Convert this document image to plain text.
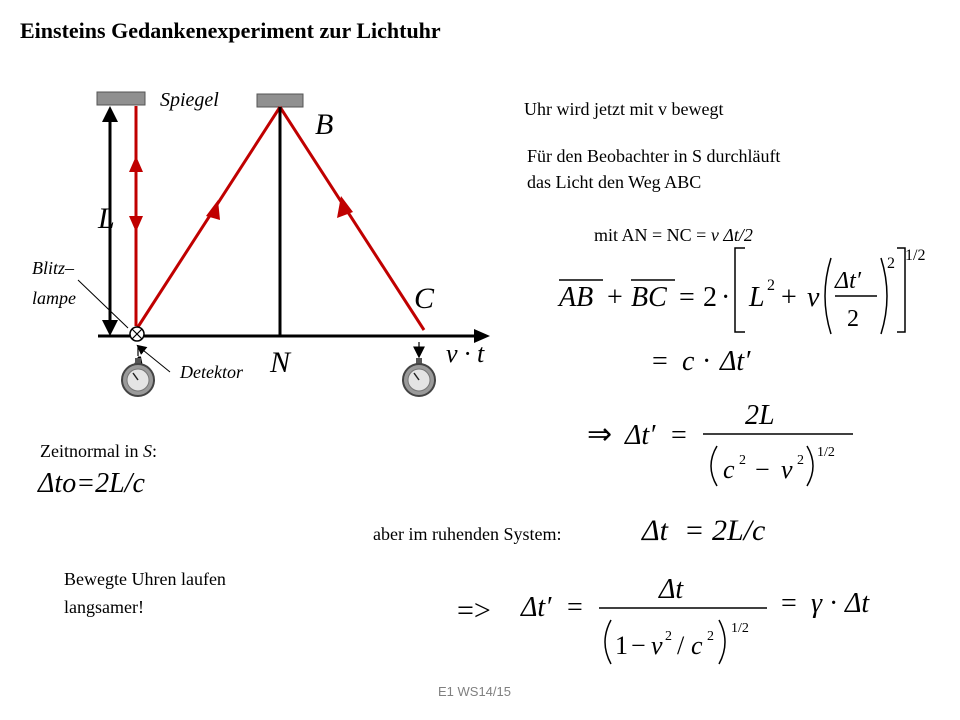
Einsteins Gedankenexperiment zur Lichtuhr
Spiegel
L
Blitz–
lampe
Detektor
B
C
N	v · t
Uhr wird jetzt mit v bewegt
Für den Beobachter in S durchläuft
das Licht den Weg ABC
mit AN = NC = v Δt/2
AB + BC = 2 · L 2 + v
Δt′
2
2 1/2
= c · Δt′
⇒ Δt′ =
2L
c 2 − v 2
1/2
Zeitnormal in S:
Δto=2L/c
aber im ruhenden System:	Δt = 2L/c
Bewegte Uhren laufen
langsamer!	=> Δt′ =
Δt
1 − v 2 / c 2
1/2
= γ · Δt
E1 WS14/15
